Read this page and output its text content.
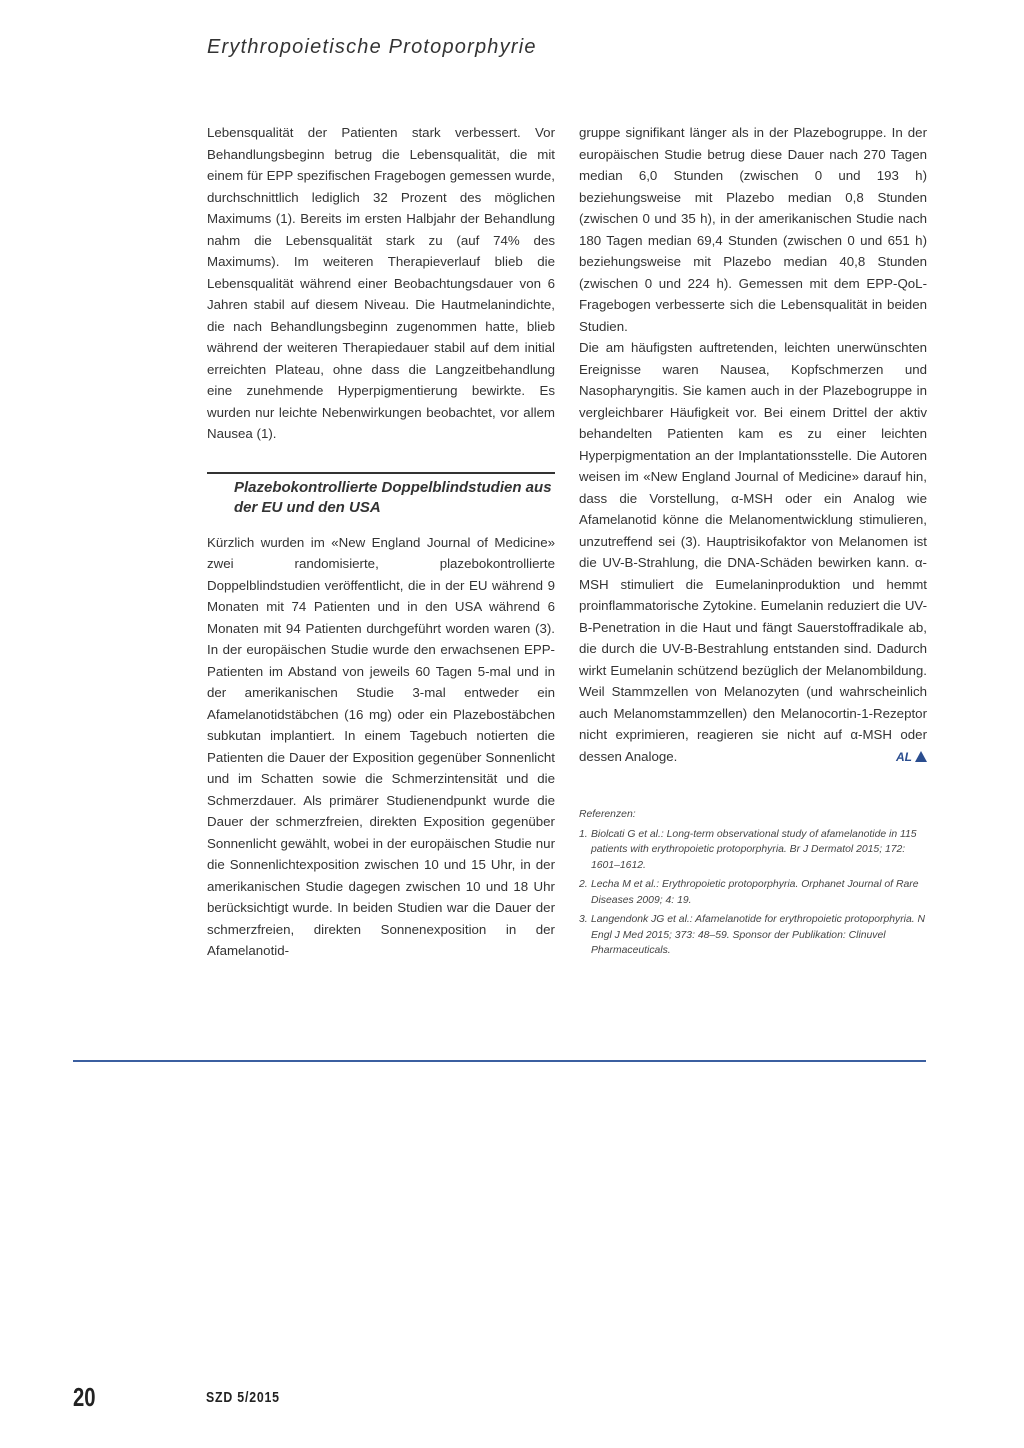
Erythropoietische Protoporphyrie

Lebensqualität der Patienten stark verbessert. Vor Behandlungsbeginn betrug die Lebensqualität, die mit einem für EPP spezifischen Fragebogen gemessen wurde, durchschnittlich lediglich 32 Prozent des möglichen Maximums (1). Bereits im ersten Halbjahr der Behandlung nahm die Lebensqualität stark zu (auf 74% des Maximums). Im weiteren Therapieverlauf blieb die Lebensqualität während einer Beobachtungsdauer von 6 Jahren stabil auf diesem Niveau. Die Hautmelanindichte, die nach Behandlungsbeginn zugenommen hatte, blieb während der weiteren Therapiedauer stabil auf dem initial erreichten Plateau, ohne dass die Langzeitbehandlung eine zunehmende Hyperpigmentierung bewirkte. Es wurden nur leichte Nebenwirkungen beobachtet, vor allem Nausea (1).

Plazebokontrollierte Doppelblindstudien aus der EU und den USA

Kürzlich wurden im «New England Journal of Medicine» zwei randomisierte, plazebokontrollierte Doppelblindstudien veröffentlicht, die in der EU während 9 Monaten mit 74 Patienten und in den USA während 6 Monaten mit 94 Patienten durchgeführt worden waren (3). In der europäischen Studie wurde den erwachsenen EPP-Patienten im Abstand von jeweils 60 Tagen 5-mal und in der amerikanischen Studie 3-mal entweder ein Afamelanotidstäbchen (16 mg) oder ein Plazebostäbchen subkutan implantiert. In einem Tagebuch notierten die Patienten die Dauer der Exposition gegenüber Sonnenlicht und im Schatten sowie die Schmerzintensität und die Schmerzdauer. Als primärer Studienendpunkt wurde die Dauer der schmerzfreien, direkten Exposition gegenüber Sonnenlicht gewählt, wobei in der europäischen Studie nur die Sonnenlichtexposition zwischen 10 und 15 Uhr, in der amerikanischen Studie dagegen zwischen 10 und 18 Uhr berücksichtigt wurde. In beiden Studien war die Dauer der schmerzfreien, direkten Sonnenexposition in der Afamelanotid-

gruppe signifikant länger als in der Plazebogruppe. In der europäischen Studie betrug diese Dauer nach 270 Tagen median 6,0 Stunden (zwischen 0 und 193 h) beziehungsweise mit Plazebo median 0,8 Stunden (zwischen 0 und 35 h), in der amerikanischen Studie nach 180 Tagen median 69,4 Stunden (zwischen 0 und 651 h) beziehungsweise mit Plazebo median 40,8 Stunden (zwischen 0 und 224 h). Gemessen mit dem EPP-QoL-Fragebogen verbesserte sich die Lebensqualität in beiden Studien.

Die am häufigsten auftretenden, leichten unerwünschten Ereignisse waren Nausea, Kopfschmerzen und Nasopharyngitis. Sie kamen auch in der Plazebogruppe in vergleichbarer Häufigkeit vor. Bei einem Drittel der aktiv behandelten Patienten kam es zu einer leichten Hyperpigmentation an der Implantationsstelle. Die Autoren weisen im «New England Journal of Medicine» darauf hin, dass die Vorstellung, α-MSH oder ein Analog wie Afamelanotid könne die Melanomentwicklung stimulieren, unzutreffend sei (3). Hauptrisikofaktor von Melanomen ist die UV-B-Strahlung, die DNA-Schäden bewirken kann. α-MSH stimuliert die Eumelaninproduktion und hemmt proinflammatorische Zytokine. Eumelanin reduziert die UV-B-Penetration in die Haut und fängt Sauerstoffradikale ab, die durch die UV-B-Bestrahlung entstanden sind. Dadurch wirkt Eumelanin schützend bezüglich der Melanombildung. Weil Stammzellen von Melanozyten (und wahrscheinlich auch Melanomstammzellen) den Melanocortin-1-Rezeptor nicht exprimieren, reagieren sie nicht auf α-MSH oder dessen Analoge.	AL

Referenzen:
1. Biolcati G et al.: Long-term observational study of afamelanotide in 115 patients with erythropoietic protoporphyria. Br J Dermatol 2015; 172: 1601–1612.
2. Lecha M et al.: Erythropoietic protoporphyria. Orphanet Journal of Rare Diseases 2009; 4: 19.
3. Langendonk JG et al.: Afamelanotide for erythropoietic protoporphyria. N Engl J Med 2015; 373: 48–59. Sponsor der Publikation: Clinuvel Pharmaceuticals.
20	SZD 5/2015
